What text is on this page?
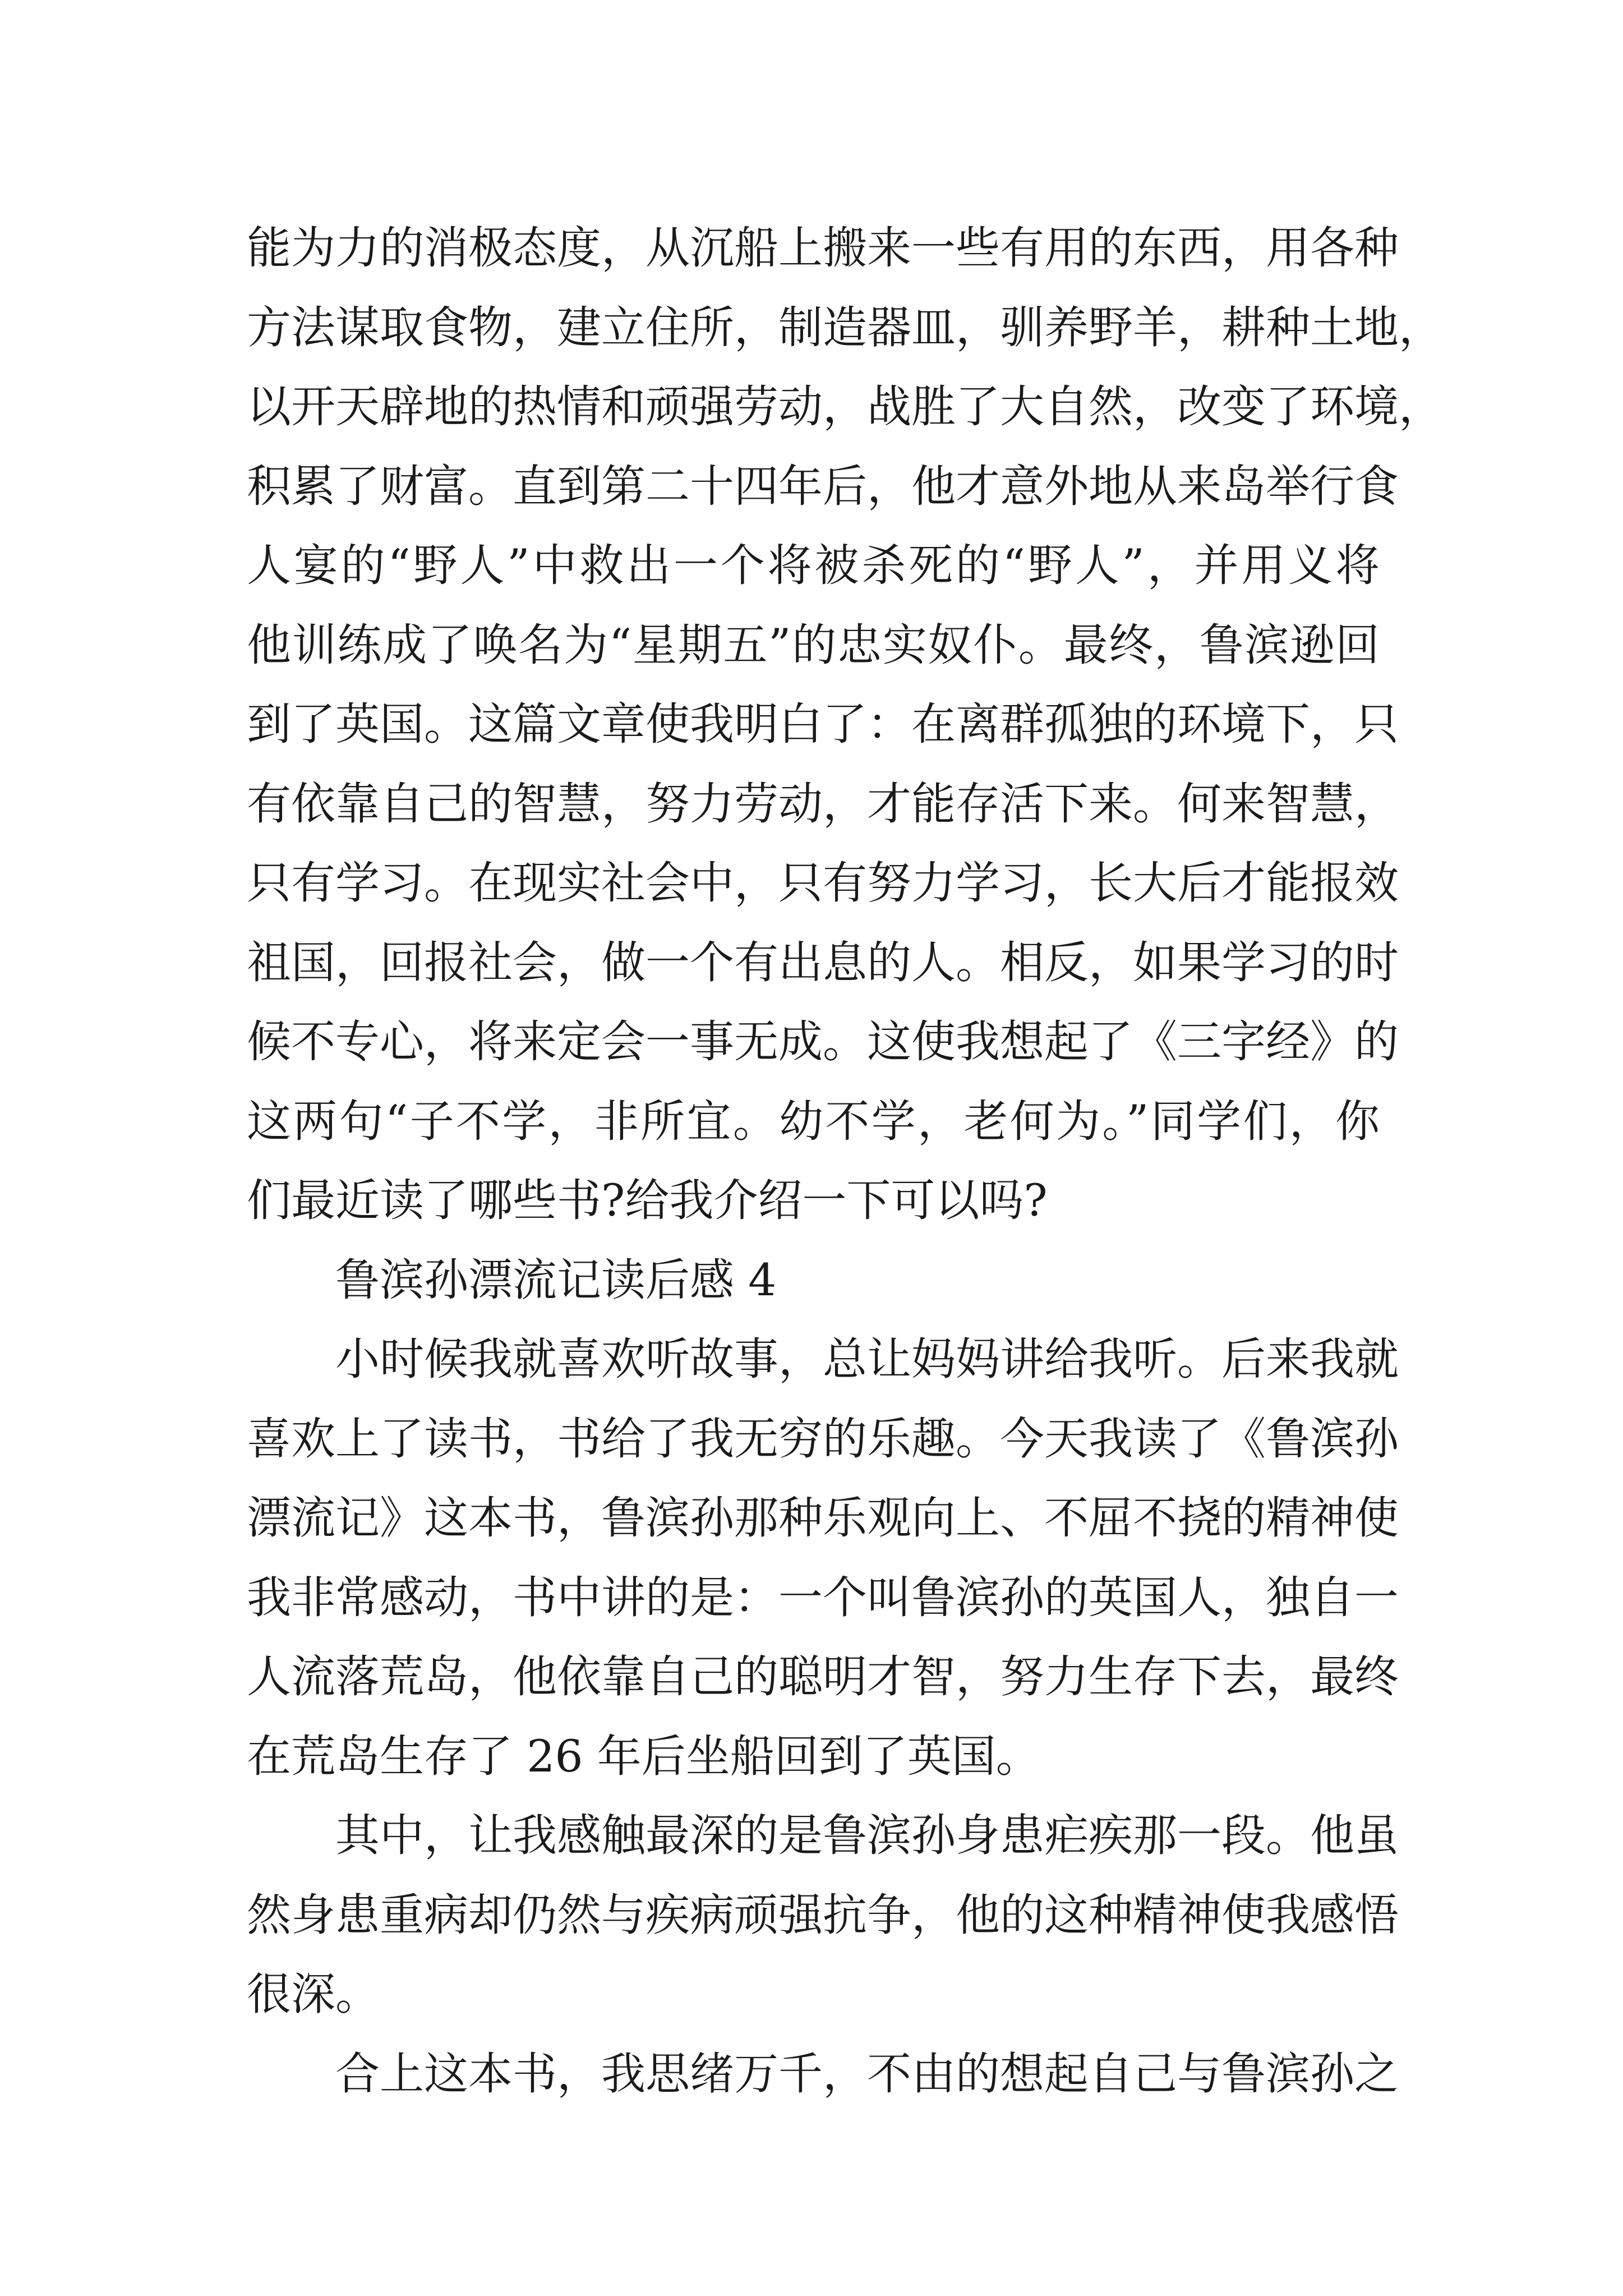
能为力的消极态度，从沉船上搬来一些有用的东西，用各种
方法谋取食物，建立住所，制造器皿，驯养野羊，耕种土地，
以开天辟地的热情和顽强劳动，战胜了大自然，改变了环境，
积累了财富。直到第二十四年后，他才意外地从来岛举行食
人宴的“野人”中救出一个将被杀死的“野人”，并用义将
他训练成了唤名为“星期五”的忠实奴仆。最终，鲁滨逊回
到了英国。这篇文章使我明白了：在离群孤独的环境下，只
有依靠自己的智慧，努力劳动，才能存活下来。何来智慧，
只有学习。在现实社会中，只有努力学习，长大后才能报效
祖国，回报社会，做一个有出息的人。相反，如果学习的时
候不专心，将来定会一事无成。这使我想起了《三字经》的
这两句“子不学，非所宜。幼不学，老何为。”同学们，你
们最近读了哪些书?给我介绍一下可以吗?
鲁滨孙漂流记读后感 4
小时候我就喜欢听故事，总让妈妈讲给我听。后来我就
喜欢上了读书，书给了我无穷的乐趣。今天我读了《鲁滨孙
漂流记》这本书，鲁滨孙那种乐观向上、不屈不挠的精神使
我非常感动，书中讲的是：一个叫鲁滨孙的英国人，独自一
人流落荒岛，他依靠自己的聪明才智，努力生存下去，最终
在荒岛生存了 26 年后坐船回到了英国。
其中，让我感触最深的是鲁滨孙身患疟疾那一段。他虽
然身患重病却仍然与疾病顽强抗争，他的这种精神使我感悟
很深。
合上这本书，我思绪万千，不由的想起自己与鲁滨孙之
